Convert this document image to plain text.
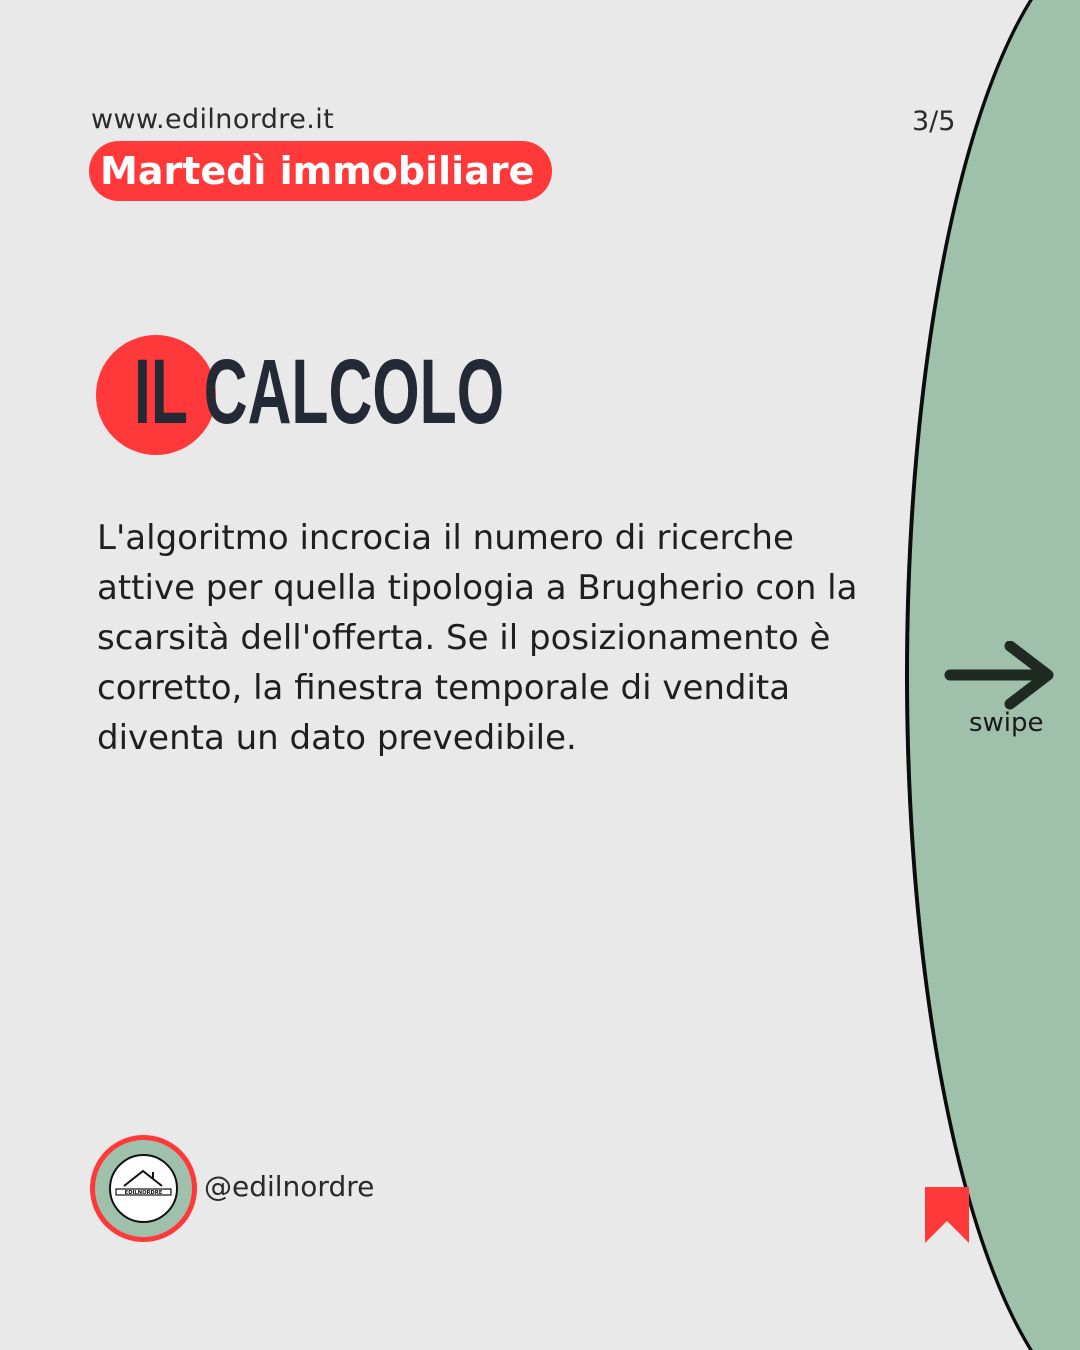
www.edilnordre.it	3/5
Martedì immobiliare
IL CALCOLO

L'algoritmo incrocia il numero di ricerche attive per quella tipologia a Brugherio con la scarsità dell'offerta. Se il posizionamento è corretto, la finestra temporale di vendita diventa un dato prevedibile.	swipe
EDILNORDRE @edilnordre
